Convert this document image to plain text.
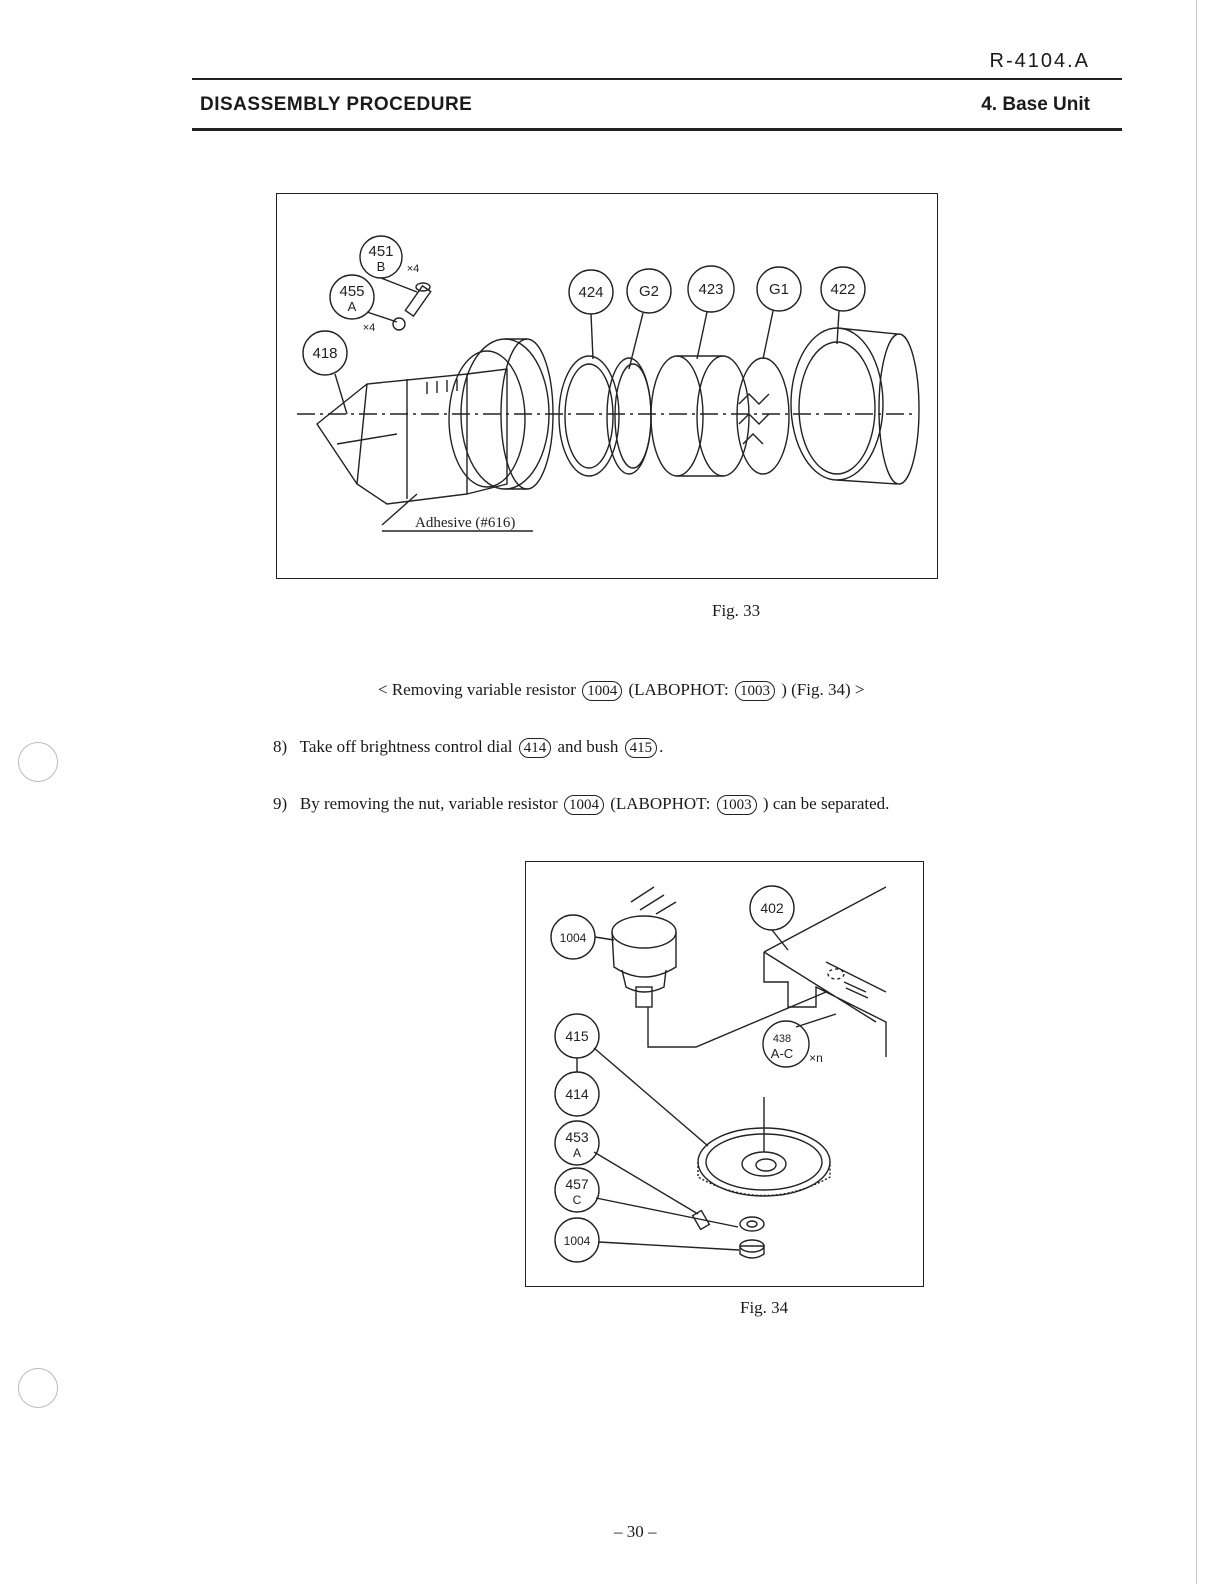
R-4104.A
DISASSEMBLY PROCEDURE	4. Base Unit
451
B ×4
455
A
×4
418
424 G2	423	G1	422
Adhesive (#616)
Fig. 33
< Removing variable resistor 1004 (LABOPHOT: 1003 ) (Fig. 34) >
8) Take off brightness control dial 414 and bush 415 .
9) By removing the nut, variable resistor 1004 (LABOPHOT: 1003 ) can be separated.
1004
402
438
A-C ×n
415
414
453
A
457
C
1004
Fig. 34
– 30 –
